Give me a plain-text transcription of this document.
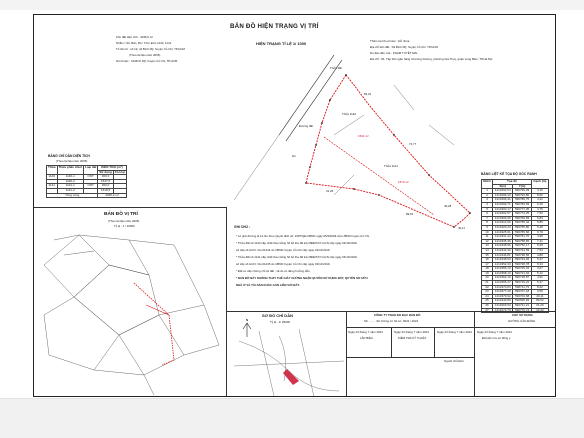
BẢN ĐỒ HIỆN TRẠNG VỊ TRÍ
HIỆN TRẠNG TỈ LỆ 1/ 1000
Khu đất diện tích : 4045,0 m²
Nhằm / Sổ, Bản, Bộ ! Tờm Đơn 1140, 1141
Tổ liên tổ : số 19, xã Bình Mỹ, huyện Củ Chi, TP.HCM
(Theo tài liệu năm 2005)
Nơi thuộc : Xã Bình Mỹ, huyện Củ Chi, TP.HCM
Thẩm tra hồ sơ kèm : Đỗ nhóa
Địa chỉ tiến đất : Xã Bình Mỹ, huyện Củ Chi, TP.HCM
Do đảo đến của : PHẠM TUYẾT MAI
Địa chỉ : 81, Tập thể ngân hàng Chương Dương, phường Gia Thụy, quận Long Biên, TP.Hà Nội
Thửa đất
Đường đất
1541 m²
1573 m²
Thửa 1140
Thửa 1141
6m
83,01
74,77
49,28
40,11
89,62
31,26
BẢNG CHỈ DẪN DIỆN TÍCH
(Theo tài liệu năm 2005)
Thửa	Thửa phân chiết	Loại đất	DIỆN TÍCH (m²)	
			Sử dụng	Còn lại
1140	1140-1	ONT	300,0	
	1140-2		1547,5	
1141	1141-1	ONT	300,0	
	1141-2		1518,5	
Tổng cộng			4045,0 m²	
BẢN ĐỒ VỊ TRÍ
(Theo tài liệu năm 2005)
Tỷ lệ : 1 / 10000	GHI CHÚ :
* Lô giới đường là 12,0m theo Quyết định số: 1087/QĐ-UBND ngày 05/3/2009 của UBND huyện Củ Chi.
* Thửa đất số 1140 cấp nhất theo bằng hồ bổ tha đã trên BĐĐT2/Y-GCN cấp ngày 04/12/2019.
số cấp số GCN: CH-01444 do UBND huyện Củ Chi cấp ngày 04/12/2019.
* Thửa đất số 1141 cấp nhất theo bằng hồ bổ tha đã trên BĐĐT2/Y-GCN cấp ngày 04/12/2019.
số cấp số GCN: CH-01445 do UBND huyện Củ Chi cấp ngày 04/12/2019.
* Đất có cấp chứng chỉ lọt đất : xã do có đảng hưởng dẫn.
* BẢN ĐỒ NÀY KHÔNG THAY THẾ GIẤY CHỨNG NHẬN QUYỀN SỬ DỤNG ĐẤT, QUYỀN SỞ HỮU
NHÀ Ở VÀ TÀI SẢN KHÁC GẮN LIỀN VỚI ĐẤT.
BẢNG LIỆT KÊ TỌA ĐỘ GÓC RANH
Điểm	Tọa độ		Cạnh (m)
	X(m)	Y(m)	
1	1213292,54	590799,09	3,15
2	1213296,43	590794,80	8,06
3	1213296,41	590786,75	4,41
4	1213299,71	590783,83	6,49
5	1213300,17	590777,35	4,75
6	1213302,57	590773,25	7,60
7	1213309,36	590769,83	6,84
8	1213314,59	590765,42	5,85
9	1213320,43	590765,80	5,48
10	1213325,91	590765,66	6,79
11	1213331,42	590761,70	4,98
12	1213335,36	590758,65	7,41
13	1213338,96	590752,17	8,28
14	1213342,30	590744,59	7,53
15	1213346,81	590738,56	4,86
16	1213348,53	590734,02	6,47
17	1213352,33	590728,78	5,33
18	1213356,13	590725,04	3,67
19	1213358,10	590721,94	5,12
20	1213362,19	590718,87	4,91
21	1213365,47	590715,22	6,37
22	1213370,84	590711,79	8,02
23	1213377,40	590707,18	3,55
24	1213379,92	590704,68	40,11
25	1213340,80	590695,83	89,62
26	1213263,53	590741,21	31,26
27	1213273,79	590770,74	10,42
SƠ ĐỒ CHỈ DẪN
Tỷ lệ : 1/ 25000
N
CÔNG TY TNHH ĐO ĐẠC BẢN ĐỒ
Số: ........ Số chứng cứ hồ sơ: 0022 / 2024
CHỦ SỬ DỤNG
HƯỚNG CẦN ĐÁNH
Ngày 23 tháng 7 năm 2024
LẬP BIỂU
Ngày 23 tháng 7 năm 2024
KIỂM TRA KỸ THUẬT
Ngày 23 tháng 7 năm 2024 Ngày 23 tháng 7 năm 2024
Đã kiểm tra sơ đồng ý
Người chủ Đơn
